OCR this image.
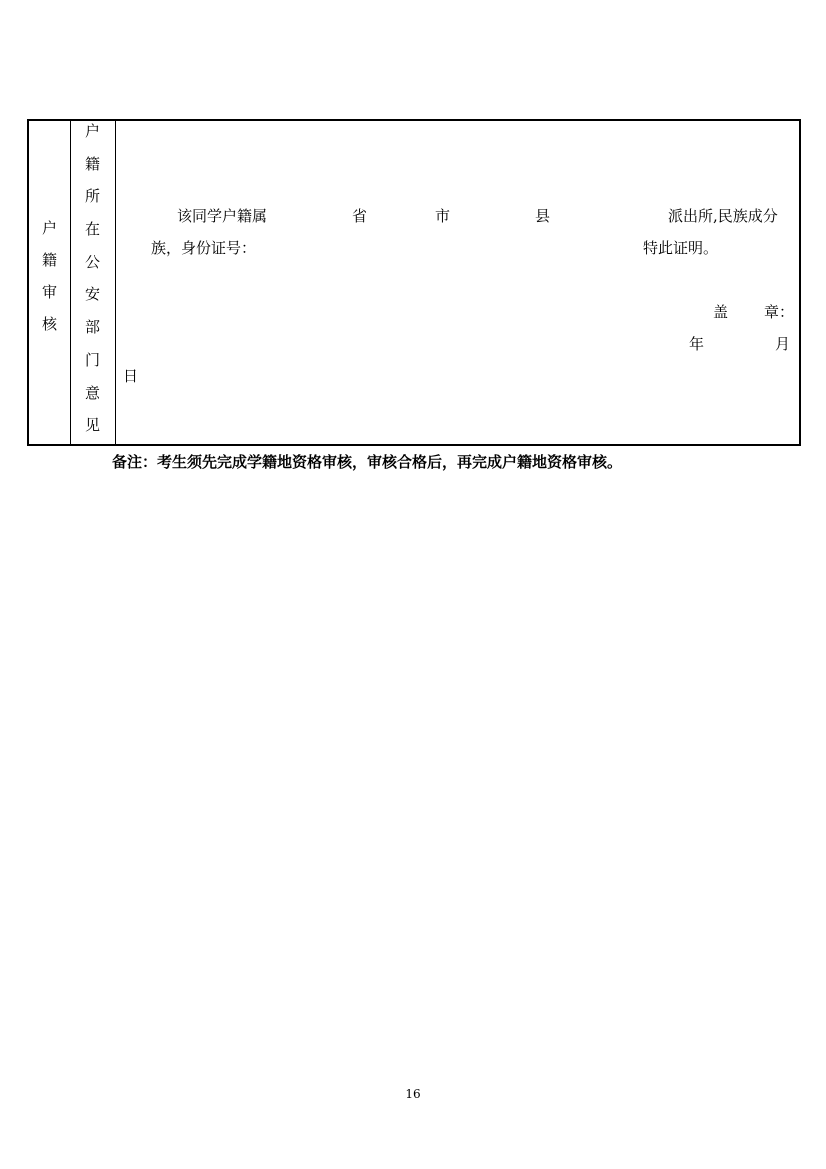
户
籍
审
核
户
籍
所
在
公
安
部
门
意
见
该同学户籍属	省	市	县	派出所,民族成分
族，身份证号：	特此证明。
盖 章：
年	月
日
备注：考生须先完成学籍地资格审核，审核合格后，再完成户籍地资格审核。
16
